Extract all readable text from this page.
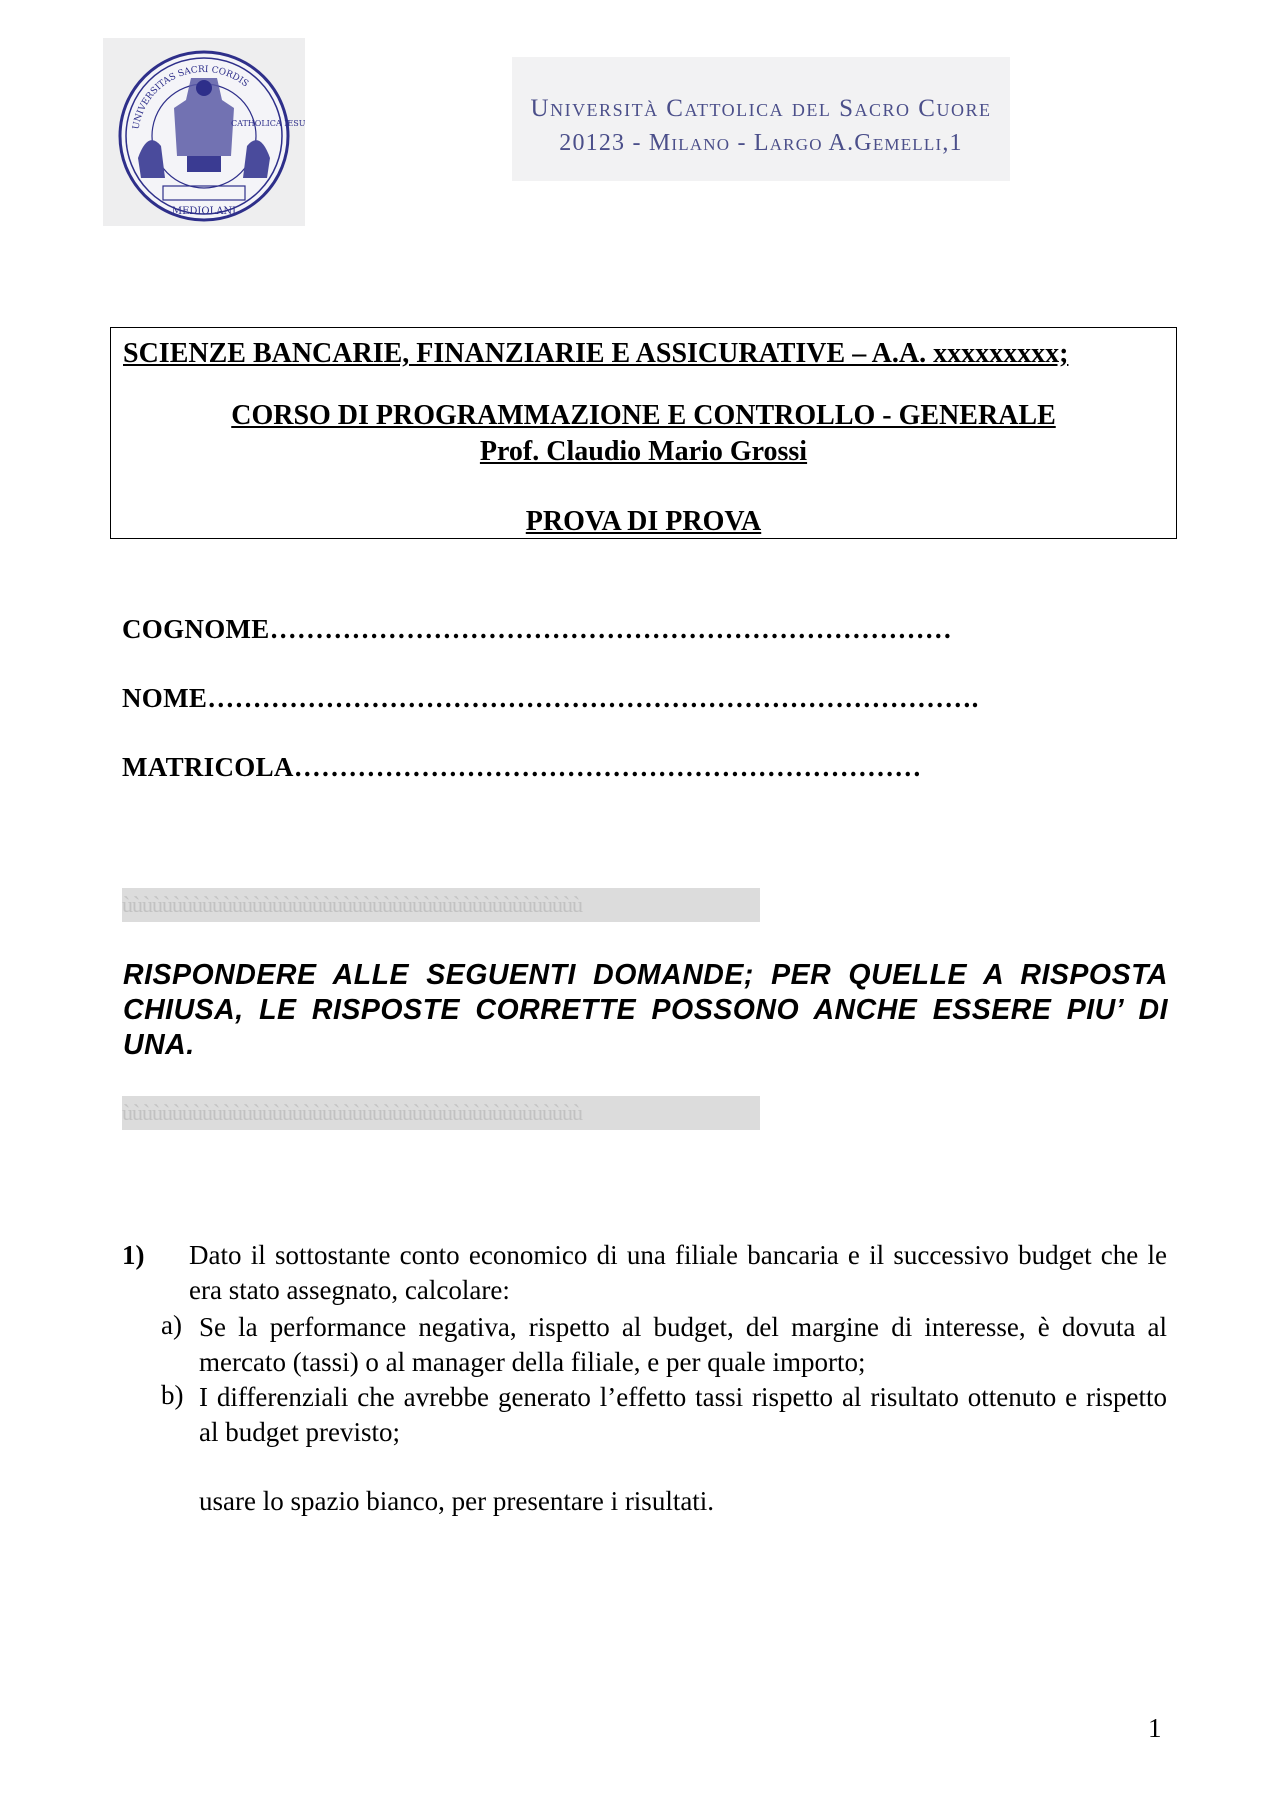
UNIVERSITAS SACRI CORDIS
CATHOLICA IESU
MEDIOLANI
Università Cattolica del Sacro Cuore
20123 - Milano - Largo A.Gemelli,1
SCIENZE BANCARIE, FINANZIARIE E ASSICURATIVE – A.A. xxxxxxxxx;
CORSO DI PROGRAMMAZIONE E CONTROLLO - GENERALE
Prof. Claudio Mario Grossi
PROVA DI PROVA
COGNOME…………………………………………………………………
NOME………………………………………………………………………….
MATRICOLA……………………………………………………………
ùùùùùùùùùùùùùùùùùùùùùùùùùùùùùùùùùùùùùùùùùùùùùù
RISPONDERE ALLE SEGUENTI DOMANDE; PER QUELLE A RISPOSTA CHIUSA, LE RISPOSTE CORRETTE POSSONO ANCHE ESSERE PIU’ DI UNA.
ùùùùùùùùùùùùùùùùùùùùùùùùùùùùùùùùùùùùùùùùùùùùùù
1) Dato il sottostante conto economico di una filiale bancaria e il successivo budget che le era stato assegnato, calcolare:
a) Se la performance negativa, rispetto al budget, del margine di interesse, è dovuta al mercato (tassi) o al manager della filiale, e per quale importo;
b) I differenziali che avrebbe generato l’effetto tassi rispetto al risultato ottenuto e rispetto al budget previsto;
usare lo spazio bianco, per presentare i risultati.
1
